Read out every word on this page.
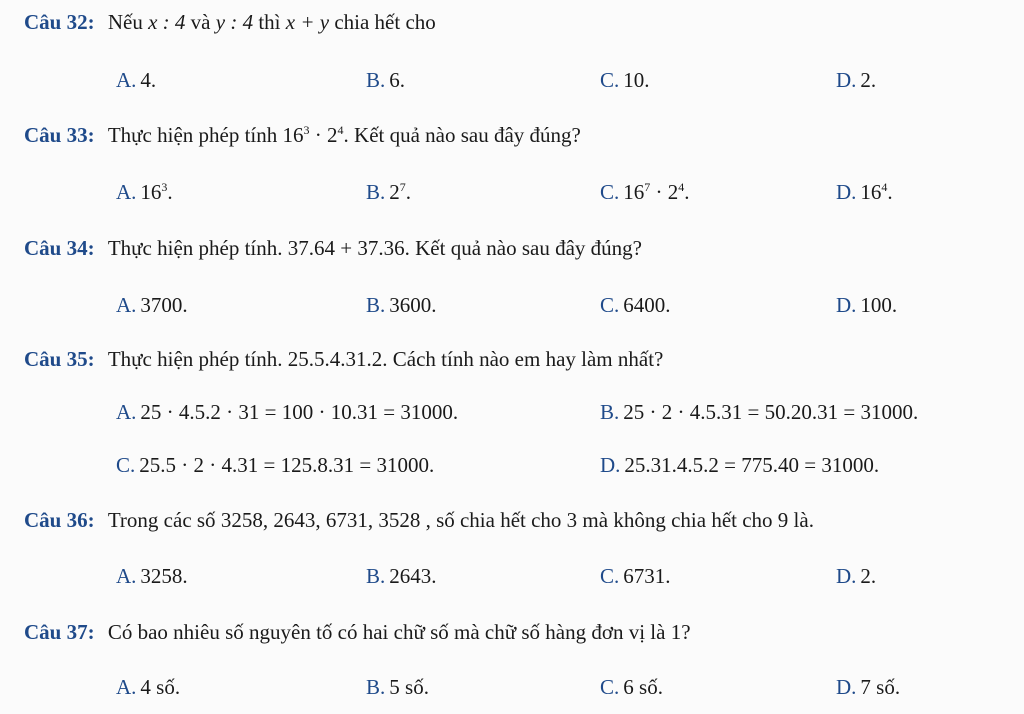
Câu 32: Nếu x : 4 và y : 4 thì x + y chia hết cho
A. 4.	B. 6.	C. 10.	D. 2.
Câu 33: Thực hiện phép tính $16^3 \cdot 2^4$. Kết quả nào sau đây đúng?
A. $16^3$.	B. $2^7$.	C. $16^7 \cdot 2^4$.	D. $16^4$.
Câu 34: Thực hiện phép tính. 37.64 + 37.36. Kết quả nào sau đây đúng?
A. 3700.	B. 3600.	C. 6400.	D. 100.
Câu 35: Thực hiện phép tính. 25.5.4.31.2. Cách tính nào em hay làm nhất?
A. 25 · 4.5.2 · 31 = 100 · 10.31 = 31000.	B. 25 · 2 · 4.5.31 = 50.20.31 = 31000.
C. 25.5 · 2 · 4.31 = 125.8.31 = 31000.	D. 25.31.4.5.2 = 775.40 = 31000.
Câu 36: Trong các số 3258, 2643, 6731, 3528 , số chia hết cho 3 mà không chia hết cho 9 là.
A. 3258.	B. 2643.	C. 6731.	D. 2.
Câu 37: Có bao nhiêu số nguyên tố có hai chữ số mà chữ số hàng đơn vị là 1?
A. 4 số.	B. 5 số.	C. 6 số.	D. 7 số.
